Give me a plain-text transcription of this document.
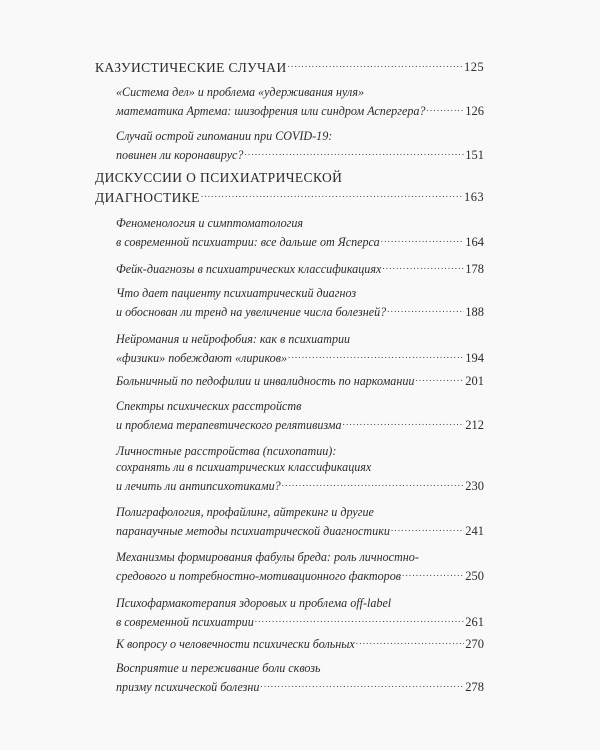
КАЗУИСТИЧЕСКИЕ СЛУЧАИ .....	125
«Система дел» и проблема «удерживания нуля»
математика Артема: шизофрения или синдром Аспергера? .....	126
Случай острой гипомании при COVID-19:
повинен ли коронавирус? .....	151
ДИСКУССИИ О ПСИХИАТРИЧЕСКОЙ
ДИАГНОСТИКЕ .....	163
Феноменология и симптоматология
в современной психиатрии: все дальше от Ясперса .....	164
Фейк-диагнозы в психиатрических классификациях .....	178
Что дает пациенту психиатрический диагноз
и обоснован ли тренд на увеличение числа болезней? .....	188
Нейромания и нейрофобия: как в психиатрии
«физики» побеждают «лириков» .....	194
Больничный по педофилии и инвалидность по наркомании .....	201
Спектры психических расстройств
и проблема терапевтического релятивизма .....	212
Личностные расстройства (психопатии):
сохранять ли в психиатрических классификациях
и лечить ли антипсихотиками? .....	230
Полиграфология, профайлинг, айтрекинг и другие
паранаучные методы психиатрической диагностики .....	241
Механизмы формирования фабулы бреда: роль личностно-
средового и потребностно-мотивационного факторов .....	250
Психофармакотерапия здоровых и проблема off-label
в современной психиатрии .....	261
К вопросу о человечности психически больных .....	270
Восприятие и переживание боли сквозь
призму психической болезни .....	278
